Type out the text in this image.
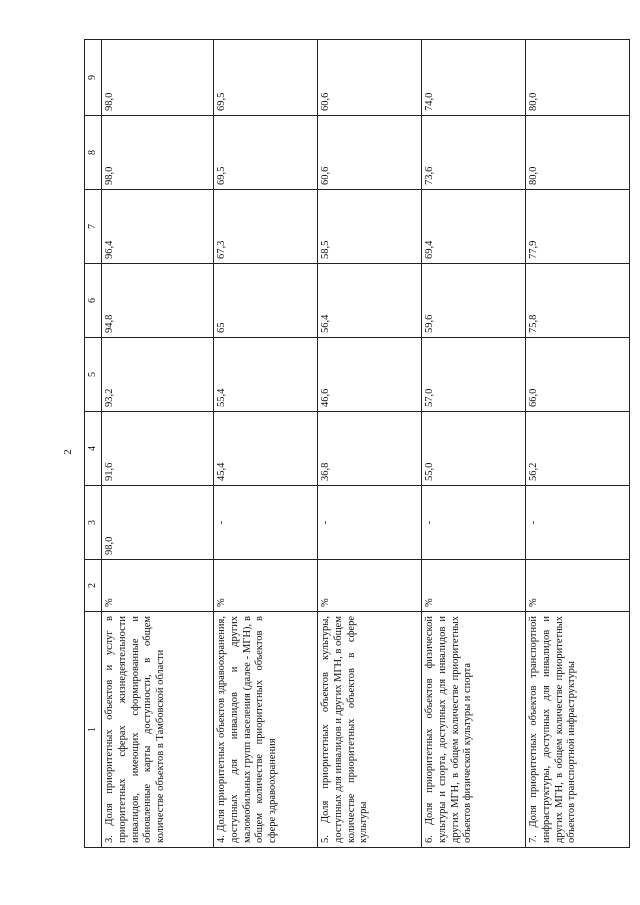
2
1	2	3	4	5	6	7	8	9
3. Доля приоритетных объектов и услуг в приоритетных сферах жизнедеятельности инвалидов, имеющих сформированные и обновленные карты доступности, в общем количестве объектов в Тамбовской области	%	98,0	91,6	93,2	94,8	96,4	98,0	98,0
4. Доля приоритетных объектов здравоохранения, доступных для инвалидов и других маломобильных групп населения (далее - МГН), в общем количестве приоритетных объектов в сфере здравоохранения	%	-	45,4	55,4	65	67,3	69,5	69,5
5. Доля приоритетных объектов культуры, доступных для инвалидов и других МГН, в общем количестве приоритетных объектов в сфере культуры	%	-	36,8	46,6	56,4	58,5	60,6	60,6
6. Доля приоритетных объектов физической культуры и спорта, доступных для инвалидов и других МГН, в общем количестве приоритетных объектов физической культуры и спорта	%	-	55,0	57,0	59,6	69,4	73,6	74,0
7. Доля приоритетных объектов транспортной инфраструктуры, доступных для инвалидов и других МГН, в общем количестве приоритетных объектов транспортной инфраструктуры	%	-	56,2	66,0	75,8	77,9	80,0	80,0
